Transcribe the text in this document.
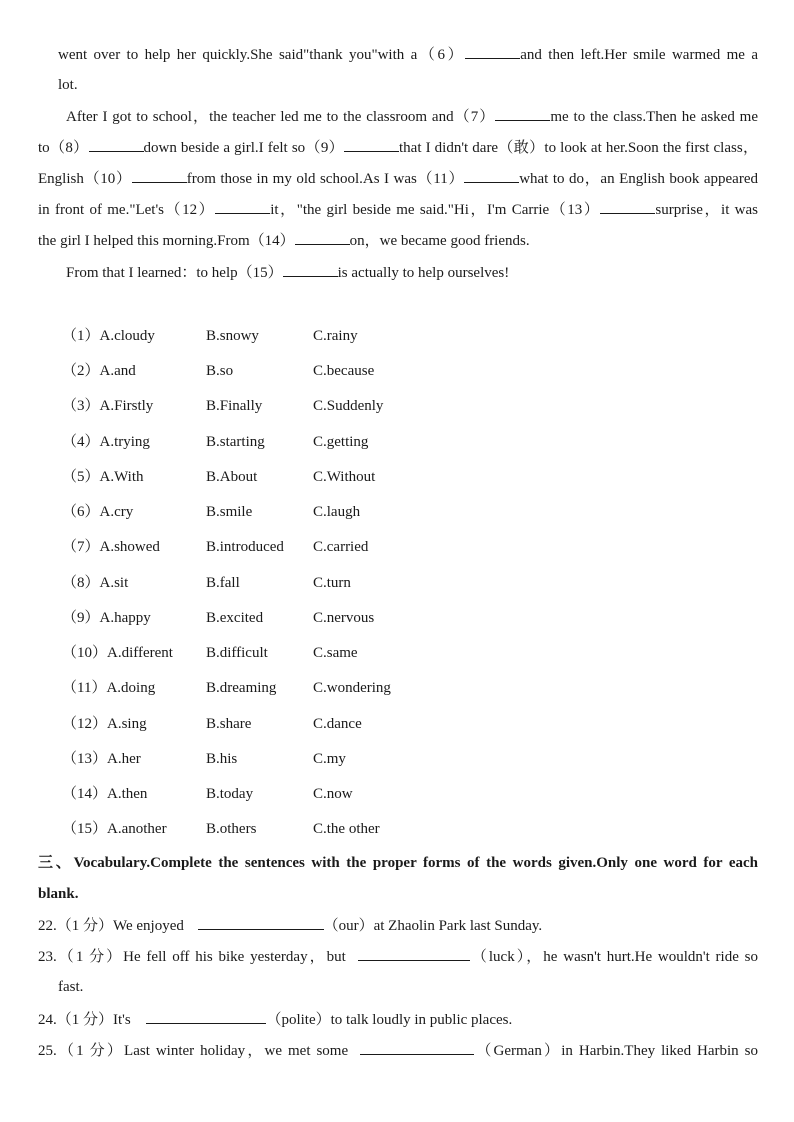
went over to help her quickly.She said"thank you"with a（6）	and then left.Her smile warmed me a
lot.
After I got to school，the teacher led me to the classroom and（7）	me to the class.Then he asked me
to（8）	down beside a girl.I felt so（9）	that I didn't dare（敢）to look at her.Soon the first class，
English（10）	from those in my old school.As I was（11）	what to do，an English book appeared
in front of me."Let's（12）	it，"the girl beside me said."Hi，I'm Carrie（13）	surprise，it was
the girl I helped this morning.From（14）	on，we became good friends.
From that I learned：to help（15）	is actually to help ourselves!
（1）A.cloudy	B.snowy	C.rainy
（2）A.and	B.so	C.because
（3）A.Firstly	B.Finally	C.Suddenly
（4）A.trying	B.starting	C.getting
（5）A.With	B.About	C.Without
（6）A.cry	B.smile	C.laugh
（7）A.showed	B.introduced C.carried
（8）A.sit	B.fall	C.turn
（9）A.happy	B.excited	C.nervous
（10）A.different B.difficult	C.same
（11）A.doing	B.dreaming C.wondering
（12）A.sing	B.share	C.dance
（13）A.her	B.his	C.my
（14）A.then	B.today	C.now
（15）A.another	B.others	C.the other
三、Vocabulary.Complete the sentences with the proper forms of the words given.Only one word for each
blank.
22.（1 分）We enjoyed	（our）at Zhaolin Park last Sunday.
23.（1 分）He fell off his bike yesterday，but	（luck），he wasn't hurt.He wouldn't ride so
fast.
24.（1 分）It's	（polite）to talk loudly in public places.
25.（1 分）Last winter holiday，we met some	（German）in Harbin.They liked Harbin so
